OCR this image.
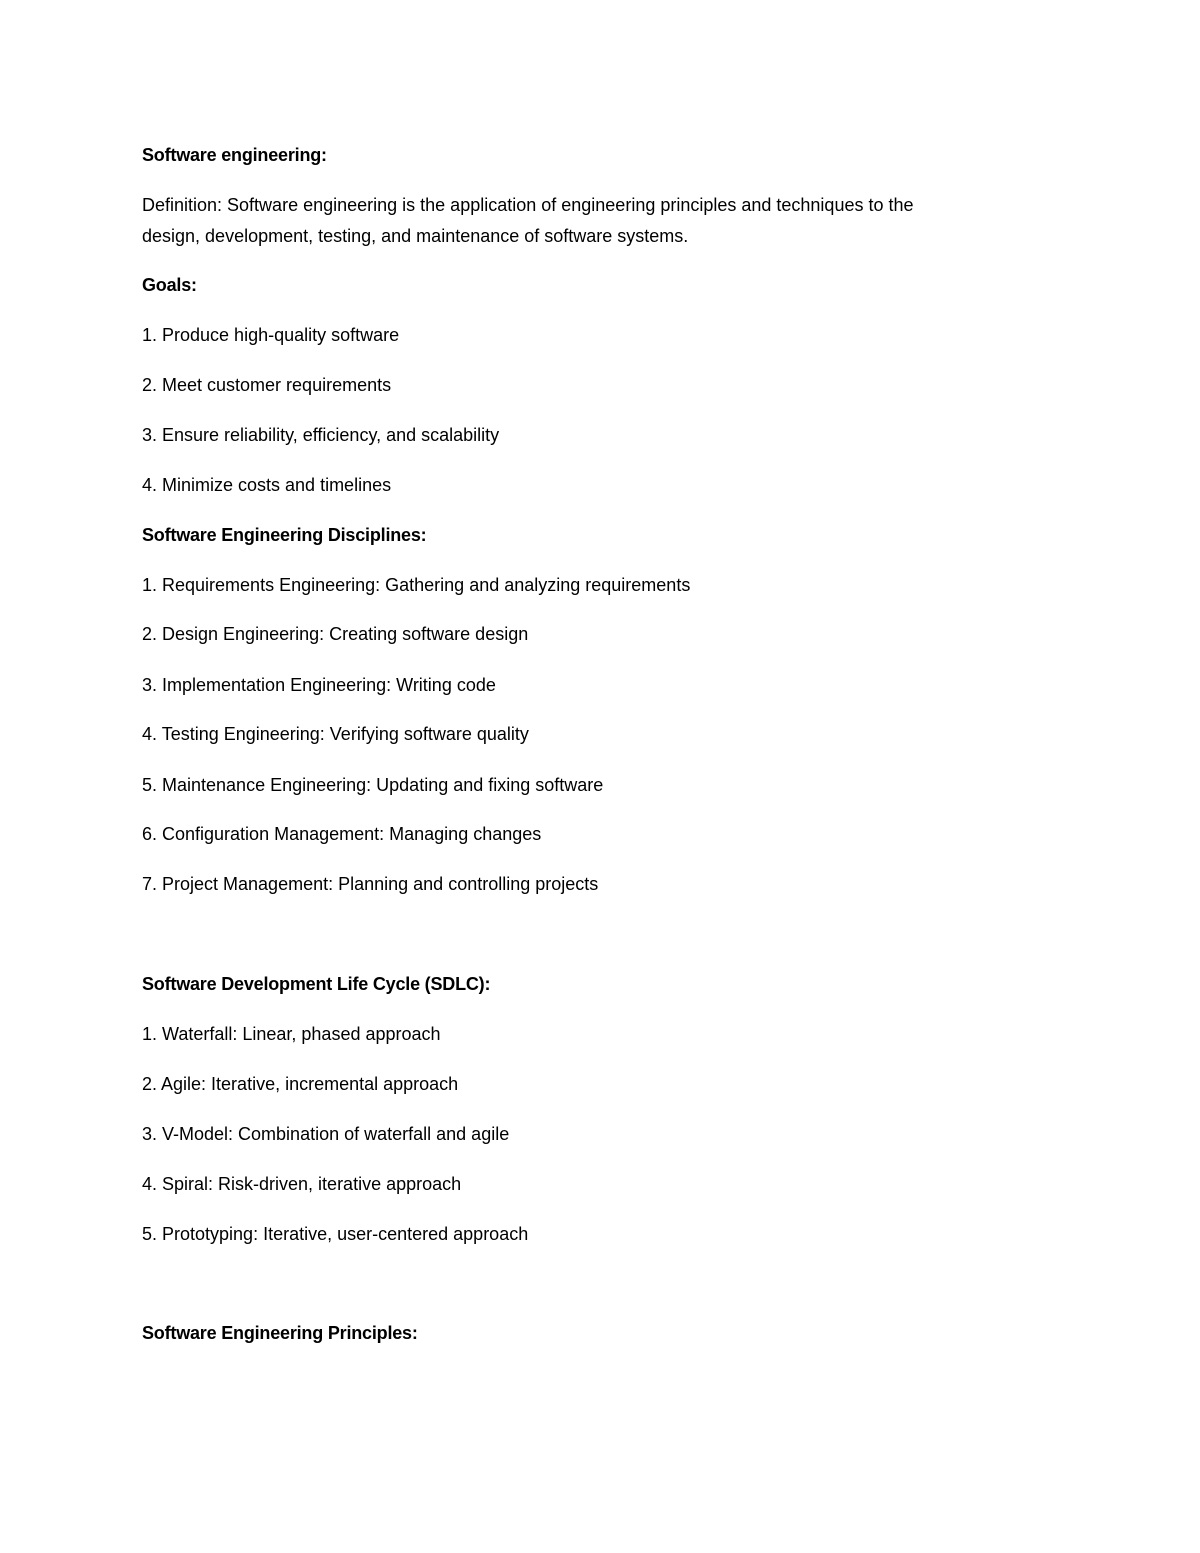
Software engineering:

Definition: Software engineering is the application of engineering principles and techniques to the

design, development, testing, and maintenance of software systems.

Goals:

1. Produce high-quality software

2. Meet customer requirements

3. Ensure reliability, efficiency, and scalability

4. Minimize costs and timelines

Software Engineering Disciplines:

1. Requirements Engineering: Gathering and analyzing requirements

2. Design Engineering: Creating software design

3. Implementation Engineering: Writing code

4. Testing Engineering: Verifying software quality

5. Maintenance Engineering: Updating and fixing software

6. Configuration Management: Managing changes

7. Project Management: Planning and controlling projects

Software Development Life Cycle (SDLC):

1. Waterfall: Linear, phased approach

2. Agile: Iterative, incremental approach

3. V-Model: Combination of waterfall and agile

4. Spiral: Risk-driven, iterative approach

5. Prototyping: Iterative, user-centered approach

Software Engineering Principles:
